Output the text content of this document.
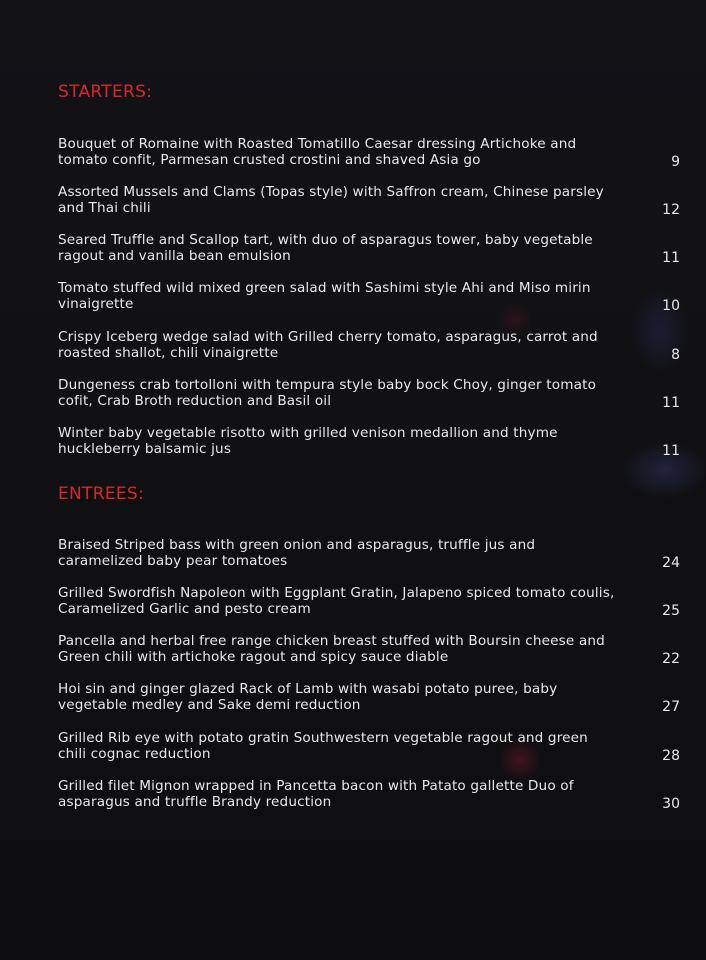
STARTERS:
Bouquet of Romaine with Roasted Tomatillo Caesar dressing Artichoke and tomato confit, Parmesan crusted crostini and shaved Asia go	9
Assorted Mussels and Clams (Topas style) with Saffron cream, Chinese parsley and Thai chili	12
Seared Truffle and Scallop tart, with duo of asparagus tower, baby vegetable ragout and vanilla bean emulsion	11
Tomato stuffed wild mixed green salad with Sashimi style Ahi and Miso mirin vinaigrette	10
Crispy Iceberg wedge salad with Grilled cherry tomato, asparagus, carrot and roasted shallot, chili vinaigrette	8
Dungeness crab tortolloni with tempura style baby bock Choy, ginger tomato cofit, Crab Broth reduction and Basil oil	11
Winter baby vegetable risotto with grilled venison medallion and thyme huckleberry balsamic jus	11
ENTREES:
Braised Striped bass with green onion and asparagus, truffle jus and caramelized baby pear tomatoes	24
Grilled Swordfish Napoleon with Eggplant Gratin, Jalapeno spiced tomato coulis, Caramelized Garlic and pesto cream	25
Pancella and herbal free range chicken breast stuffed with Boursin cheese and Green chili with artichoke ragout and spicy sauce diable	22
Hoi sin and ginger glazed Rack of Lamb with wasabi potato puree, baby vegetable medley and Sake demi reduction	27
Grilled Rib eye with potato gratin Southwestern vegetable ragout and green chili cognac reduction	28
Grilled filet Mignon wrapped in Pancetta bacon with Patato gallette Duo of asparagus and truffle Brandy reduction	30
